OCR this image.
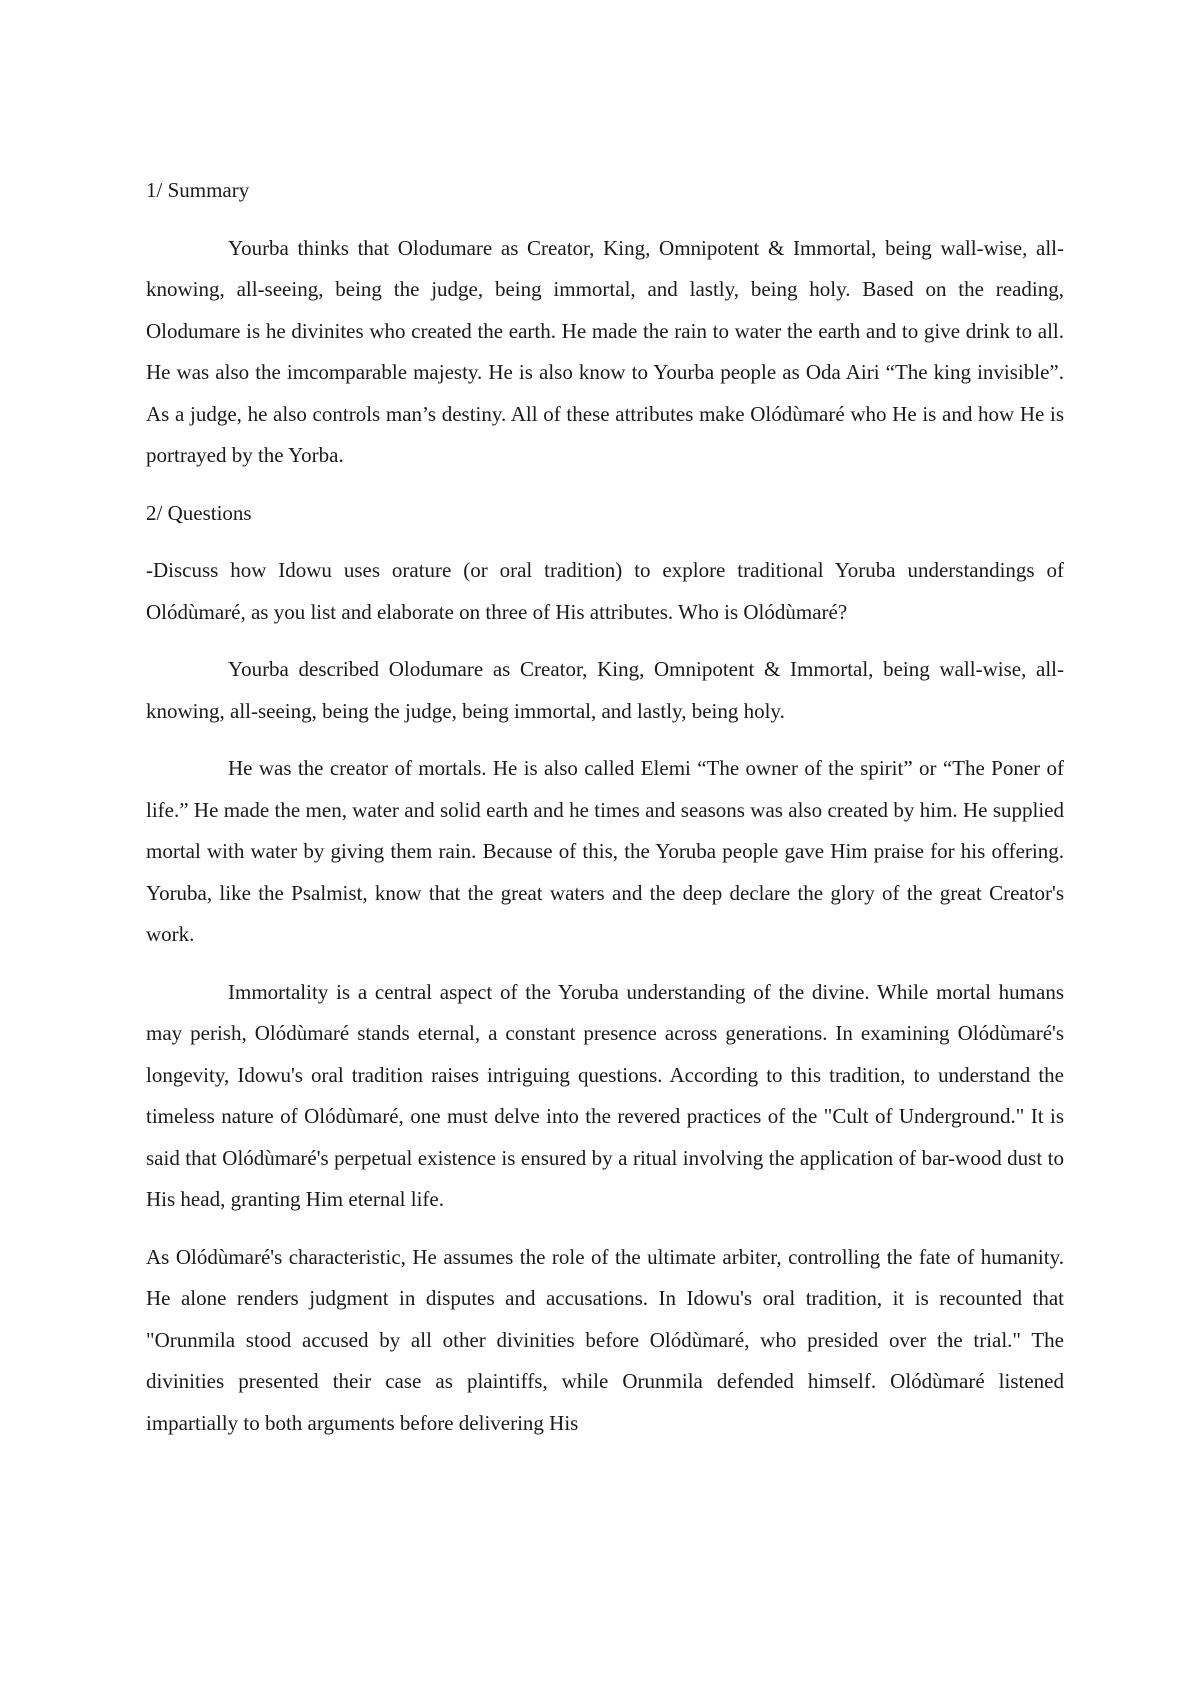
1/ Summary

Yourba thinks that Olodumare as Creator, King, Omnipotent & Immortal, being wall-wise, all-knowing, all-seeing, being the judge, being immortal, and lastly, being holy. Based on the reading, Olodumare is he divinites who created the earth. He made the rain to water the earth and to give drink to all. He was also the imcomparable majesty. He is also know to Yourba people as Oda Airi “The king invisible”. As a judge, he also controls man’s destiny. All of these attributes make Olódùmaré who He is and how He is portrayed by the Yorba.

2/ Questions

-Discuss how Idowu uses orature (or oral tradition) to explore traditional Yoruba understandings of Olódùmaré, as you list and elaborate on three of His attributes. Who is Olódùmaré?

Yourba described Olodumare as Creator, King, Omnipotent & Immortal, being wall-wise, all-knowing, all-seeing, being the judge, being immortal, and lastly, being holy.

He was the creator of mortals. He is also called Elemi “The owner of the spirit” or “The Poner of life.” He made the men, water and solid earth and he times and seasons was also created by him. He supplied mortal with water by giving them rain. Because of this, the Yoruba people gave Him praise for his offering. Yoruba, like the Psalmist, know that the great waters and the deep declare the glory of the great Creator's work.

Immortality is a central aspect of the Yoruba understanding of the divine. While mortal humans may perish, Olódùmaré stands eternal, a constant presence across generations. In examining Olódùmaré's longevity, Idowu's oral tradition raises intriguing questions. According to this tradition, to understand the timeless nature of Olódùmaré, one must delve into the revered practices of the "Cult of Underground." It is said that Olódùmaré's perpetual existence is ensured by a ritual involving the application of bar-wood dust to His head, granting Him eternal life.

As Olódùmaré's characteristic, He assumes the role of the ultimate arbiter, controlling the fate of humanity. He alone renders judgment in disputes and accusations. In Idowu's oral tradition, it is recounted that "Orunmila stood accused by all other divinities before Olódùmaré, who presided over the trial." The divinities presented their case as plaintiffs, while Orunmila defended himself. Olódùmaré listened impartially to both arguments before delivering His
